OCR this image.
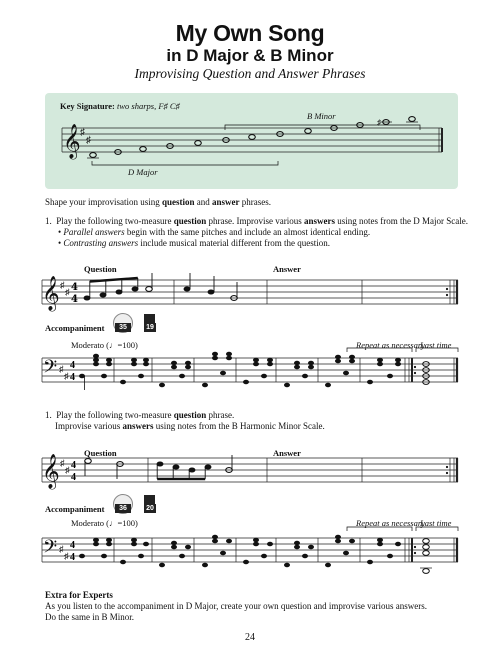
My Own Song
in D Major & B Minor
Improvising Question and Answer Phrases
Key Signature: two sharps, F♯ C♯
B Minor
D Major
𝄞 ♯
♯
♯
Shape your improvisation using question and answer phrases.
1. Play the following two-measure question phrase. Improvise various answers using notes from the D Major Scale.
• Parallel answers begin with the same pitches and include an almost identical ending.
• Contrasting answers include musical material different from the question.
Question	Answer
𝄞 ♯
♯ 4
4
Accompaniment	35	19
Moderato (♩=100)	Repeat as necessary
Last time
𝄢 ♯
♯
4
4
1. Play the following two-measure question phrase.
Improvise various answers using notes from the B Harmonic Minor Scale.
Question	Answer
𝄞 ♯
♯ 4
4
Accompaniment	36	20
Moderato (♩=100)	Repeat as necessary
Last time
𝄢 ♯
♯
4
4
Extra for Experts
As you listen to the accompaniment in D Major, create your own question and improvise various answers.
Do the same in B Minor.
24
